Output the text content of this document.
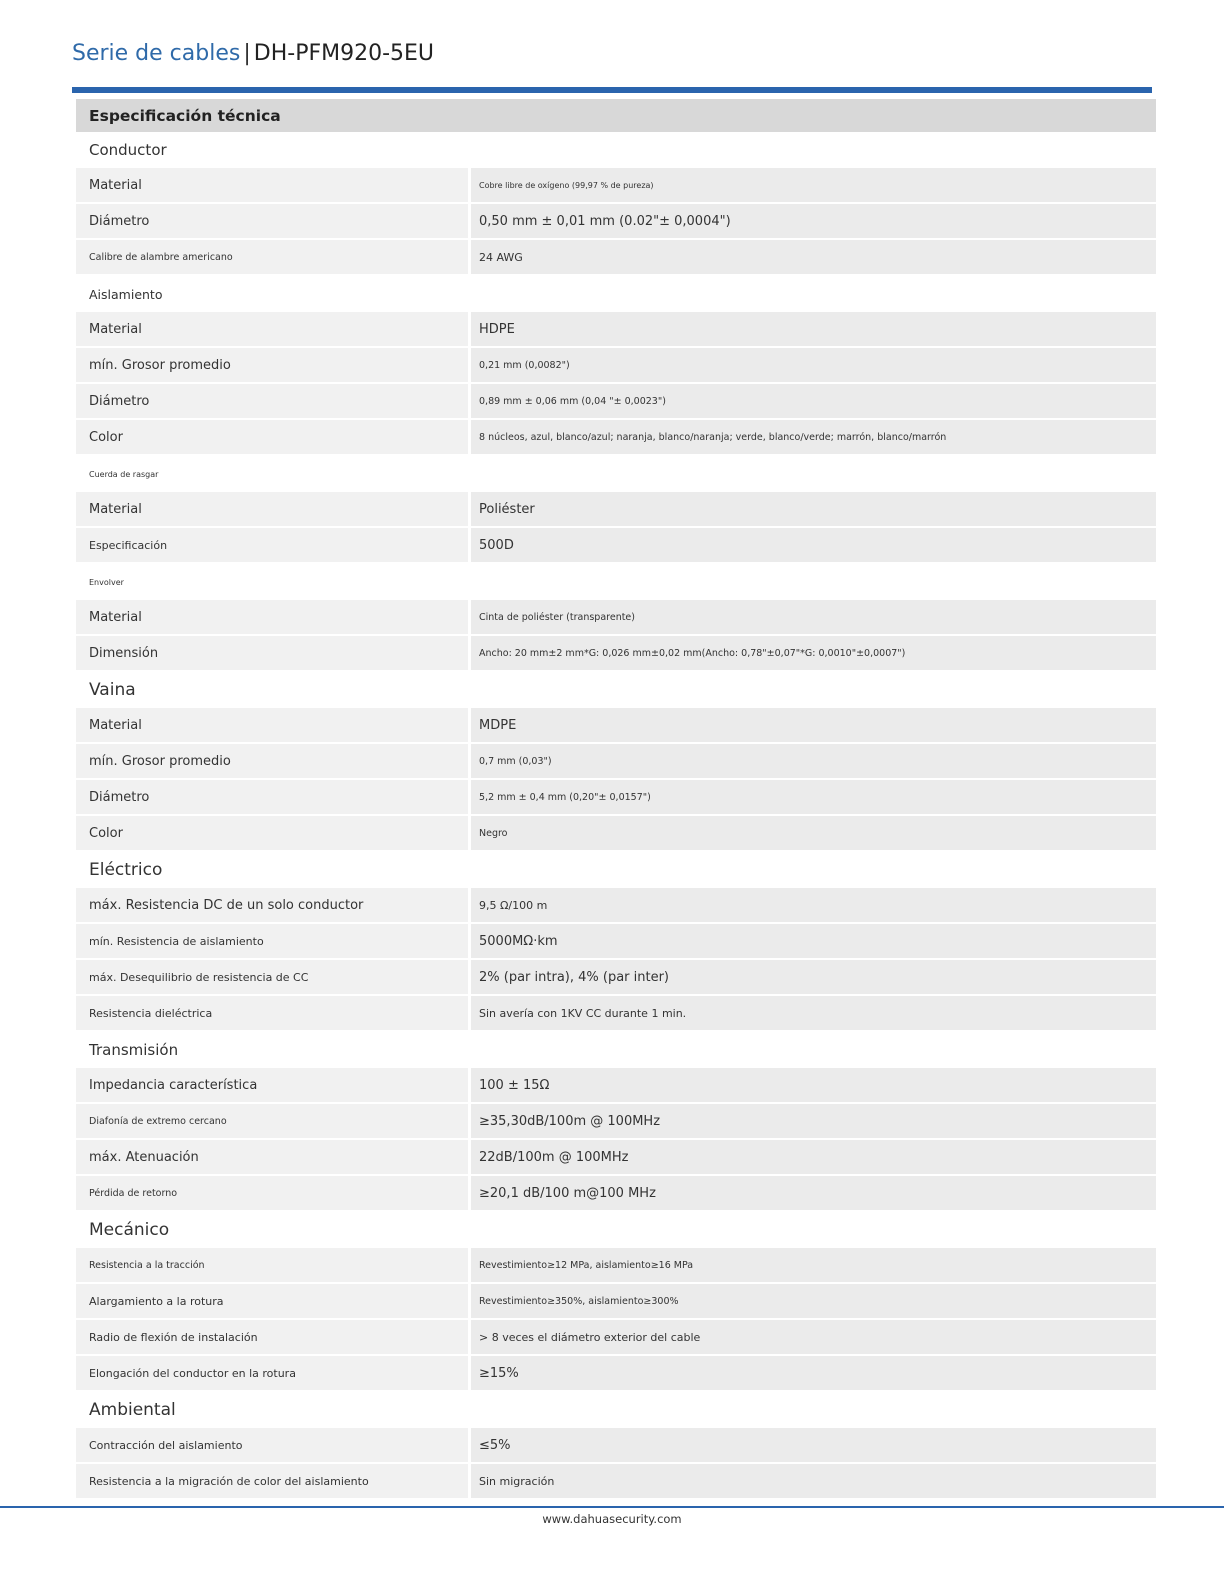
Serie de cables | DH-PFM920-5EU
Especificación técnica
Conductor
Material	Cobre libre de oxígeno (99,97 % de pureza)
Diámetro	0,50 mm ± 0,01 mm (0.02"± 0,0004")
Calibre de alambre americano	24 AWG
Aislamiento
Material	HDPE
mín. Grosor promedio	0,21 mm (0,0082")
Diámetro	0,89 mm ± 0,06 mm (0,04 "± 0,0023")
Color	8 núcleos, azul, blanco/azul; naranja, blanco/naranja; verde, blanco/verde; marrón, blanco/marrón
Cuerda de rasgar
Material	Poliéster
Especificación	500D
Envolver
Material	Cinta de poliéster (transparente)
Dimensión	Ancho: 20 mm±2 mm*G: 0,026 mm±0,02 mm(Ancho: 0,78"±0,07"*G: 0,0010"±0,0007")
Vaina
Material	MDPE
mín. Grosor promedio	0,7 mm (0,03")
Diámetro	5,2 mm ± 0,4 mm (0,20"± 0,0157")
Color	Negro
Eléctrico
máx. Resistencia DC de un solo conductor	9,5 Ω/100 m
mín. Resistencia de aislamiento	5000MΩ·km
máx. Desequilibrio de resistencia de CC	2% (par intra), 4% (par inter)
Resistencia dieléctrica	Sin avería con 1KV CC durante 1 min.
Transmisión
Impedancia característica	100 ± 15Ω
Diafonía de extremo cercano	≥35,30dB/100m @ 100MHz
máx. Atenuación	22dB/100m @ 100MHz
Pérdida de retorno	≥20,1 dB/100 m@100 MHz
Mecánico
Resistencia a la tracción	Revestimiento≥12 MPa, aislamiento≥16 MPa
Alargamiento a la rotura	Revestimiento≥350%, aislamiento≥300%
Radio de flexión de instalación	> 8 veces el diámetro exterior del cable
Elongación del conductor en la rotura	≥15%
Ambiental
Contracción del aislamiento	≤5%
Resistencia a la migración de color del aislamiento	Sin migración
www.dahuasecurity.com
